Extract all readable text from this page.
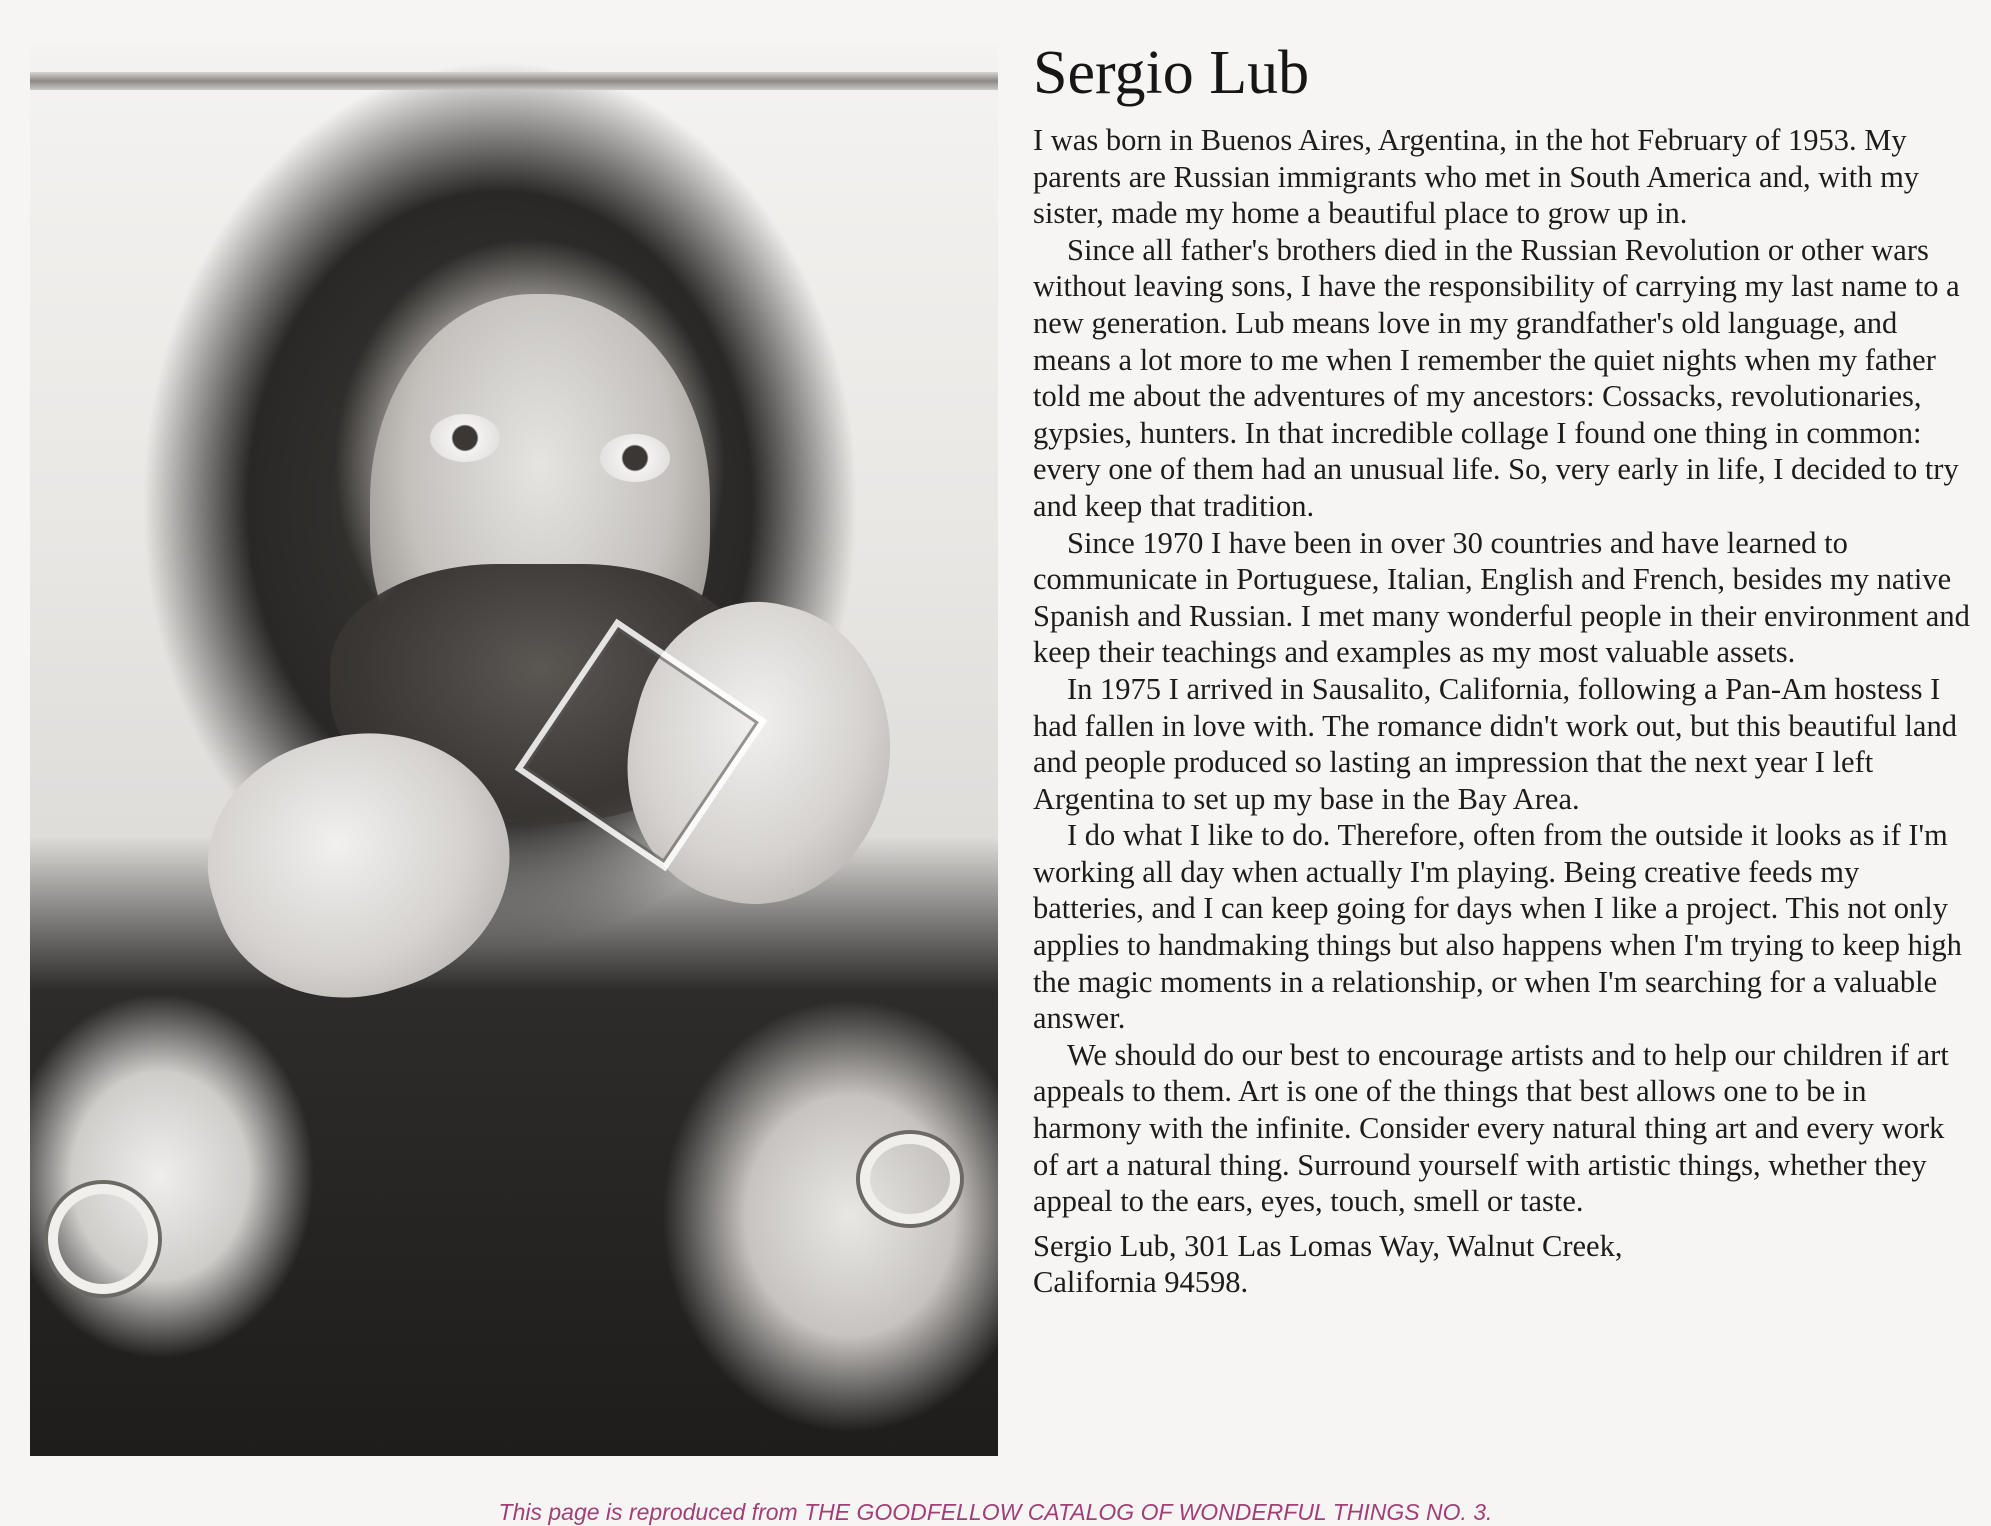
Sergio Lub

I was born in Buenos Aires, Argentina, in the hot February of 1953. My parents are Russian immigrants who met in South America and, with my sister, made my home a beautiful place to grow up in.

Since all father's brothers died in the Russian Revolution or other wars without leaving sons, I have the responsibility of carrying my last name to a new generation. Lub means love in my grandfather's old language, and means a lot more to me when I remember the quiet nights when my father told me about the adventures of my ancestors: Cossacks, revolutionaries, gypsies, hunters. In that incredible collage I found one thing in common: every one of them had an unusual life. So, very early in life, I decided to try and keep that tradition.

Since 1970 I have been in over 30 countries and have learned to communicate in Portuguese, Italian, English and French, besides my native Spanish and Russian. I met many wonderful people in their environment and keep their teachings and examples as my most valuable assets.

In 1975 I arrived in Sausalito, California, following a Pan-Am hostess I had fallen in love with. The romance didn't work out, but this beautiful land and people produced so lasting an impression that the next year I left Argentina to set up my base in the Bay Area.

I do what I like to do. Therefore, often from the outside it looks as if I'm working all day when actually I'm playing. Being creative feeds my batteries, and I can keep going for days when I like a project. This not only applies to handmaking things but also happens when I'm trying to keep high the magic moments in a relationship, or when I'm searching for a valuable answer.

We should do our best to encourage artists and to help our children if art appeals to them. Art is one of the things that best allows one to be in harmony with the infinite. Consider every natural thing art and every work of art a natural thing. Surround yourself with artistic things, whether they appeal to the ears, eyes, touch, smell or taste.

Sergio Lub, 301 Las Lomas Way, Walnut Creek,

California 94598.

This page is reproduced from THE GOODFELLOW CATALOG OF WONDERFUL THINGS NO. 3.
